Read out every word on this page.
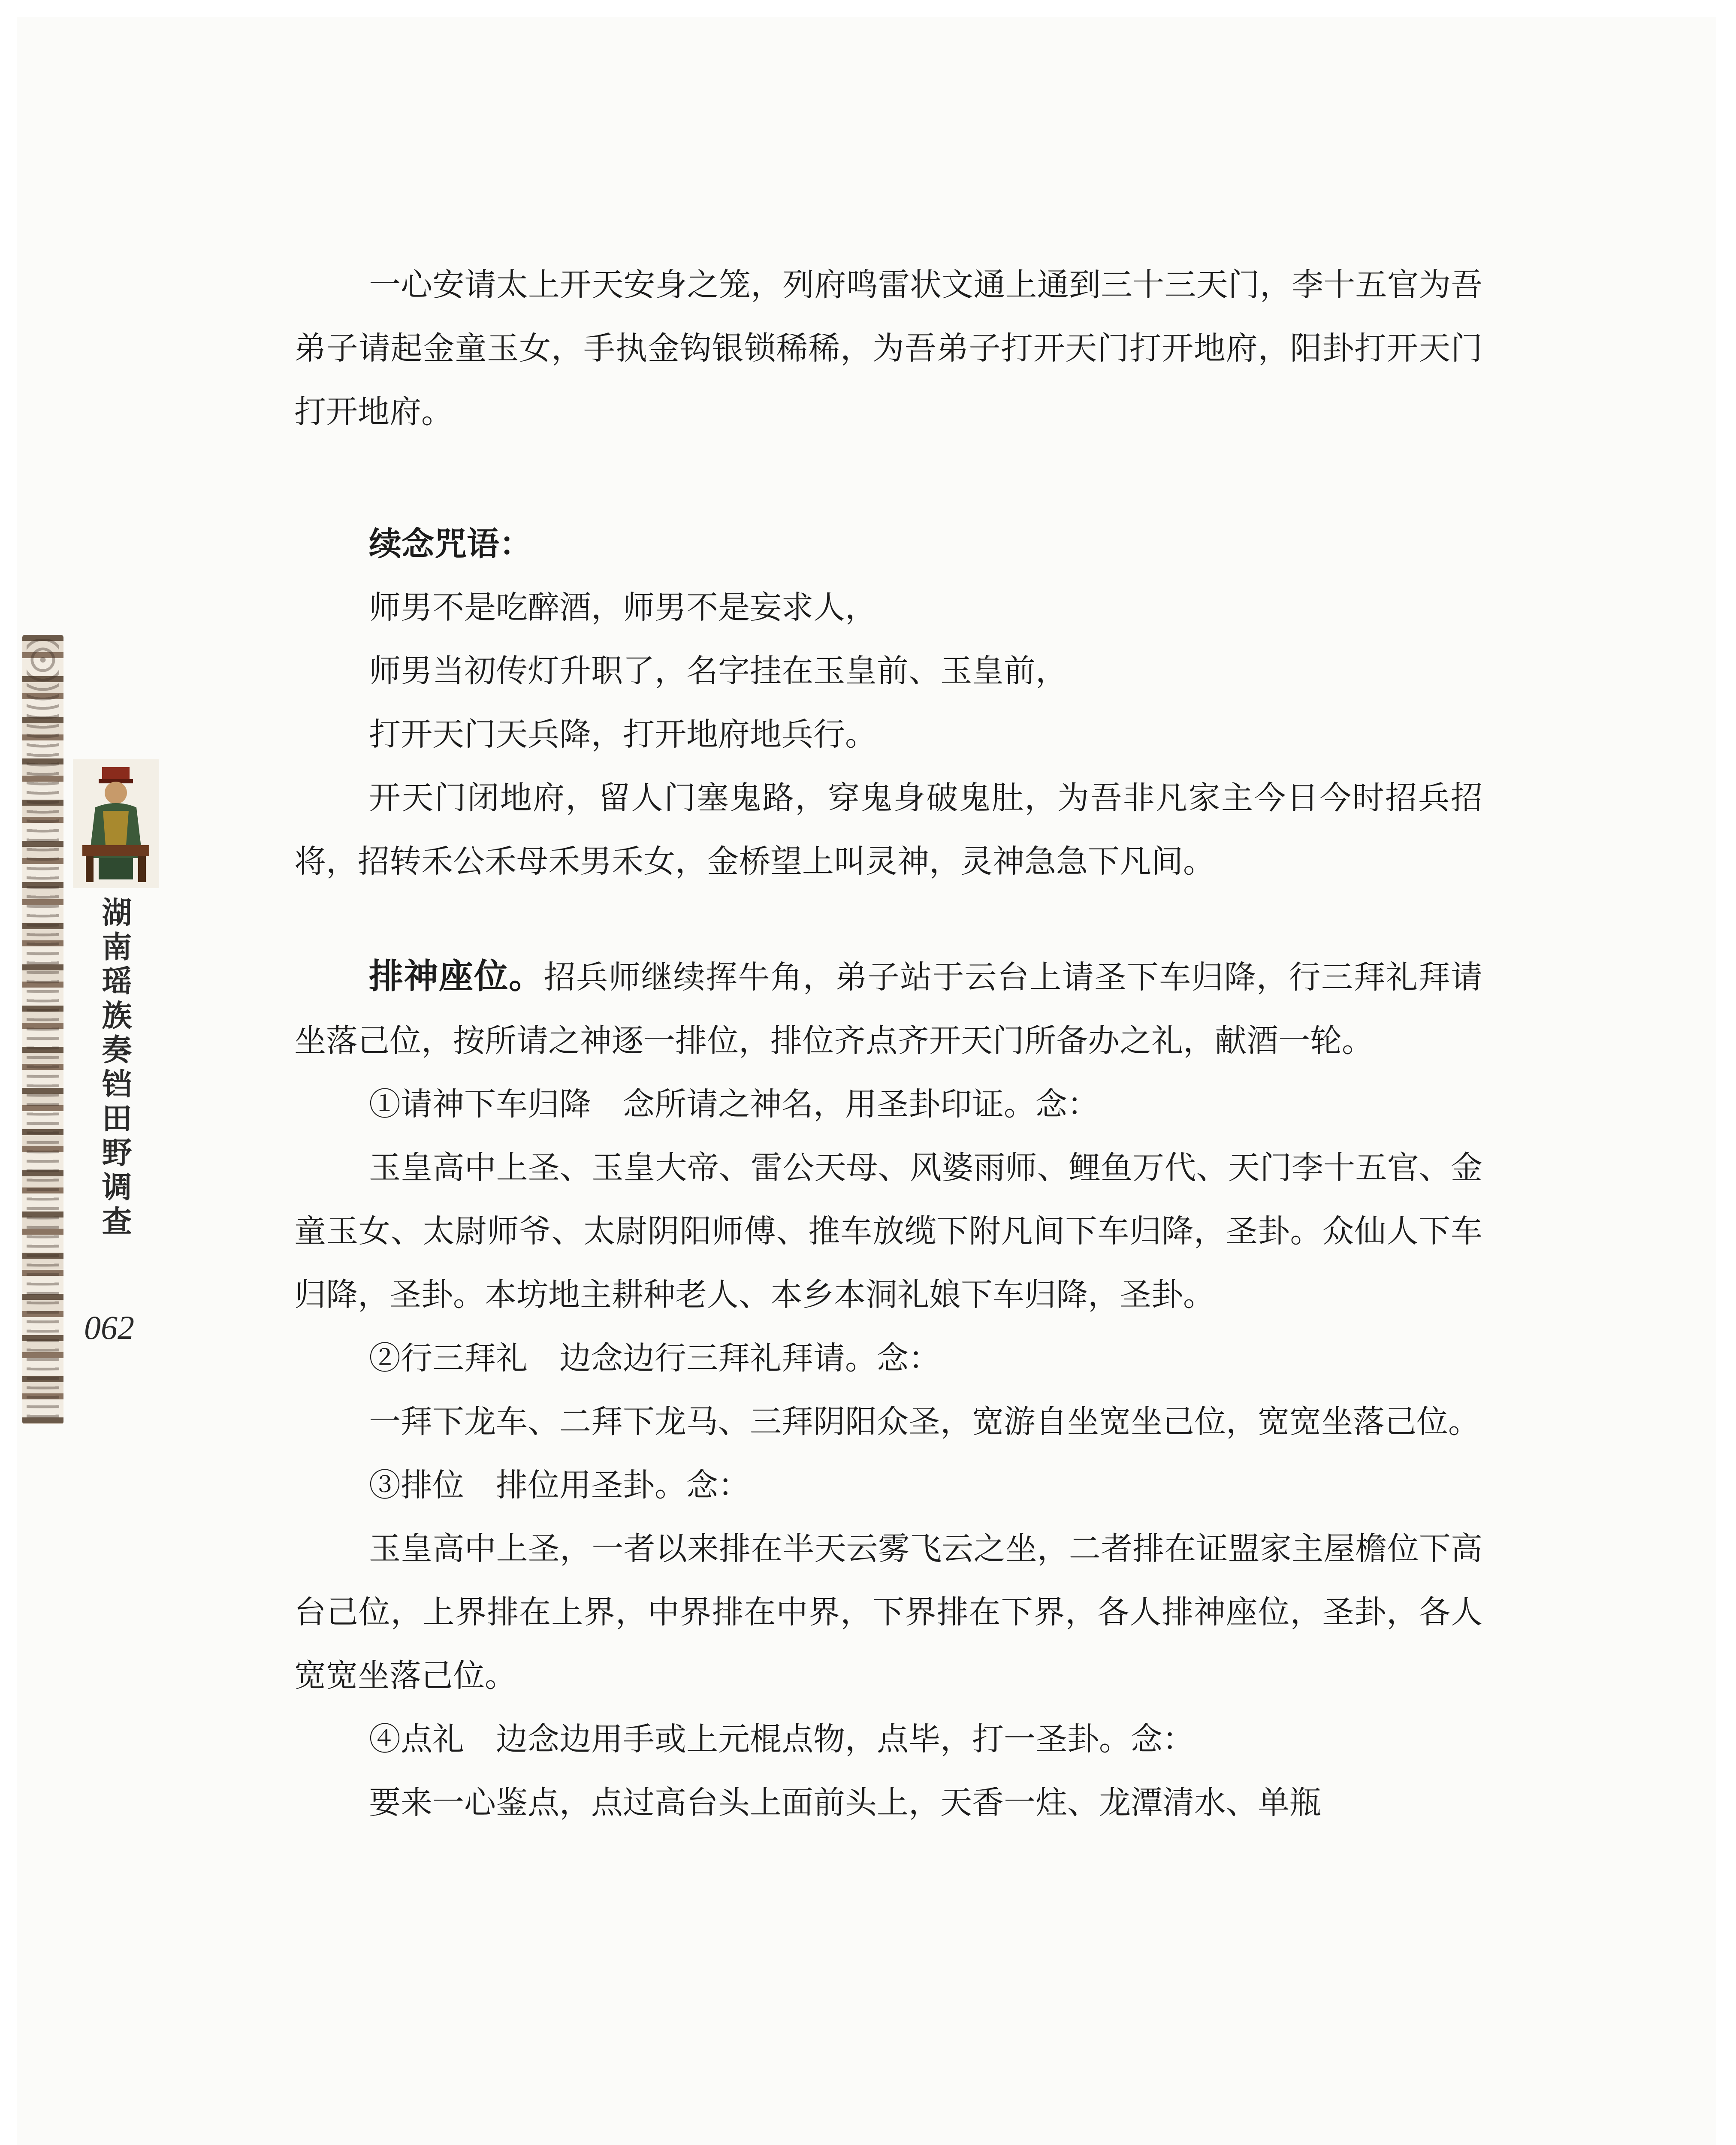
湖南瑶族奏铛田野调查
062

一心安请太上开天安身之笼，列府鸣雷状文通上通到三十三天门，李十五官为吾弟子请起金童玉女，手执金钩银锁稀稀，为吾弟子打开天门打开地府，阳卦打开天门打开地府。

续念咒语：

师男不是吃醉酒，师男不是妄求人，

师男当初传灯升职了，名字挂在玉皇前、玉皇前，

打开天门天兵降，打开地府地兵行。

开天门闭地府，留人门塞鬼路，穿鬼身破鬼肚，为吾非凡家主今日今时招兵招将，招转禾公禾母禾男禾女，金桥望上叫灵神，灵神急急下凡间。

排神座位。招兵师继续挥牛角，弟子站于云台上请圣下车归降，行三拜礼拜请坐落己位，按所请之神逐一排位，排位齐点齐开天门所备办之礼，献酒一轮。

①请神下车归降　念所请之神名，用圣卦印证。念：

玉皇高中上圣、玉皇大帝、雷公天母、风婆雨师、鲤鱼万代、天门李十五官、金童玉女、太尉师爷、太尉阴阳师傅、推车放缆下附凡间下车归降，圣卦。众仙人下车归降，圣卦。本坊地主耕种老人、本乡本洞礼娘下车归降，圣卦。

②行三拜礼　边念边行三拜礼拜请。念：

一拜下龙车、二拜下龙马、三拜阴阳众圣，宽游自坐宽坐己位，宽宽坐落己位。

③排位　排位用圣卦。念：

玉皇高中上圣，一者以来排在半天云雾飞云之坐，二者排在证盟家主屋檐位下高台己位，上界排在上界，中界排在中界，下界排在下界，各人排神座位，圣卦，各人宽宽坐落己位。

④点礼　边念边用手或上元棍点物，点毕，打一圣卦。念：

要来一心鉴点，点过高台头上面前头上，天香一炷、龙潭清水、单瓶
